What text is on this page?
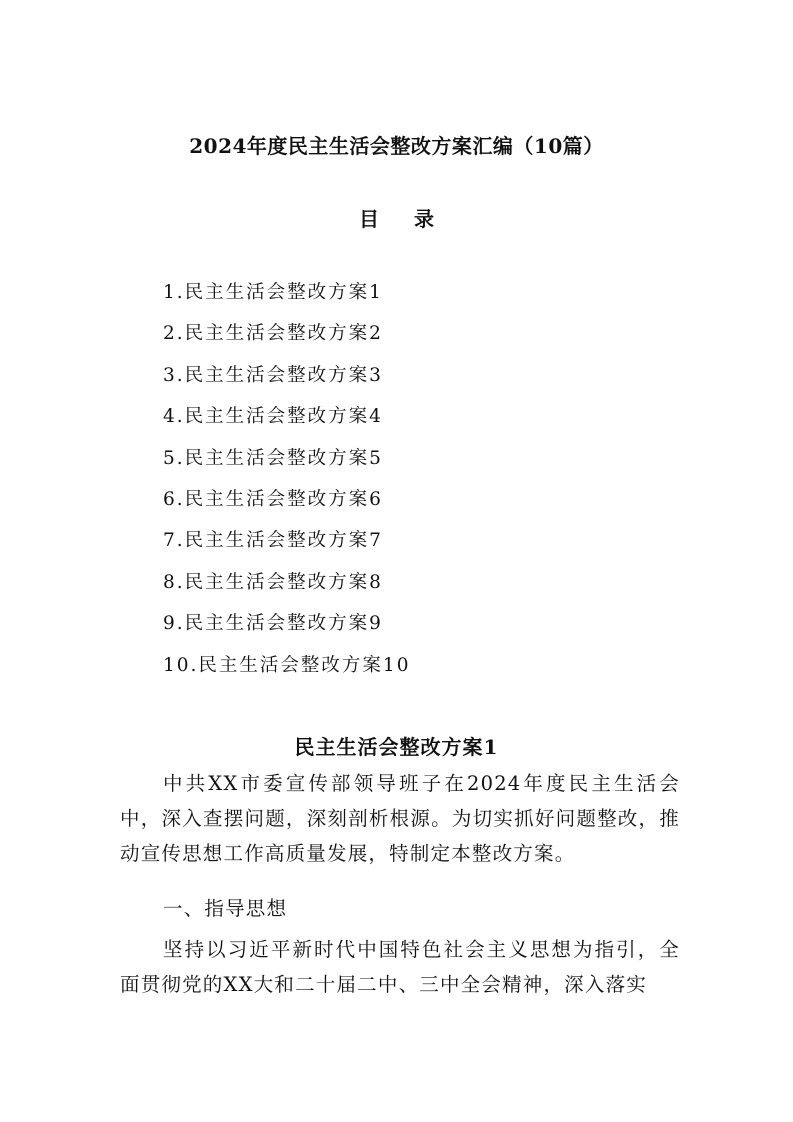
2024年度民主生活会整改方案汇编（10篇）
目 录
1.民主生活会整改方案1
2.民主生活会整改方案2
3.民主生活会整改方案3
4.民主生活会整改方案4
5.民主生活会整改方案5
6.民主生活会整改方案6
7.民主生活会整改方案7
8.民主生活会整改方案8
9.民主生活会整改方案9
10.民主生活会整改方案10
民主生活会整改方案1

中共XX市委宣传部领导班子在2024年度民主生活会中，深入查摆问题，深刻剖析根源。为切实抓好问题整改，推动宣传思想工作高质量发展，特制定本整改方案。

一、指导思想

坚持以习近平新时代中国特色社会主义思想为指引，全面贯彻党的XX大和二十届二中、三中全会精神，深入落实
